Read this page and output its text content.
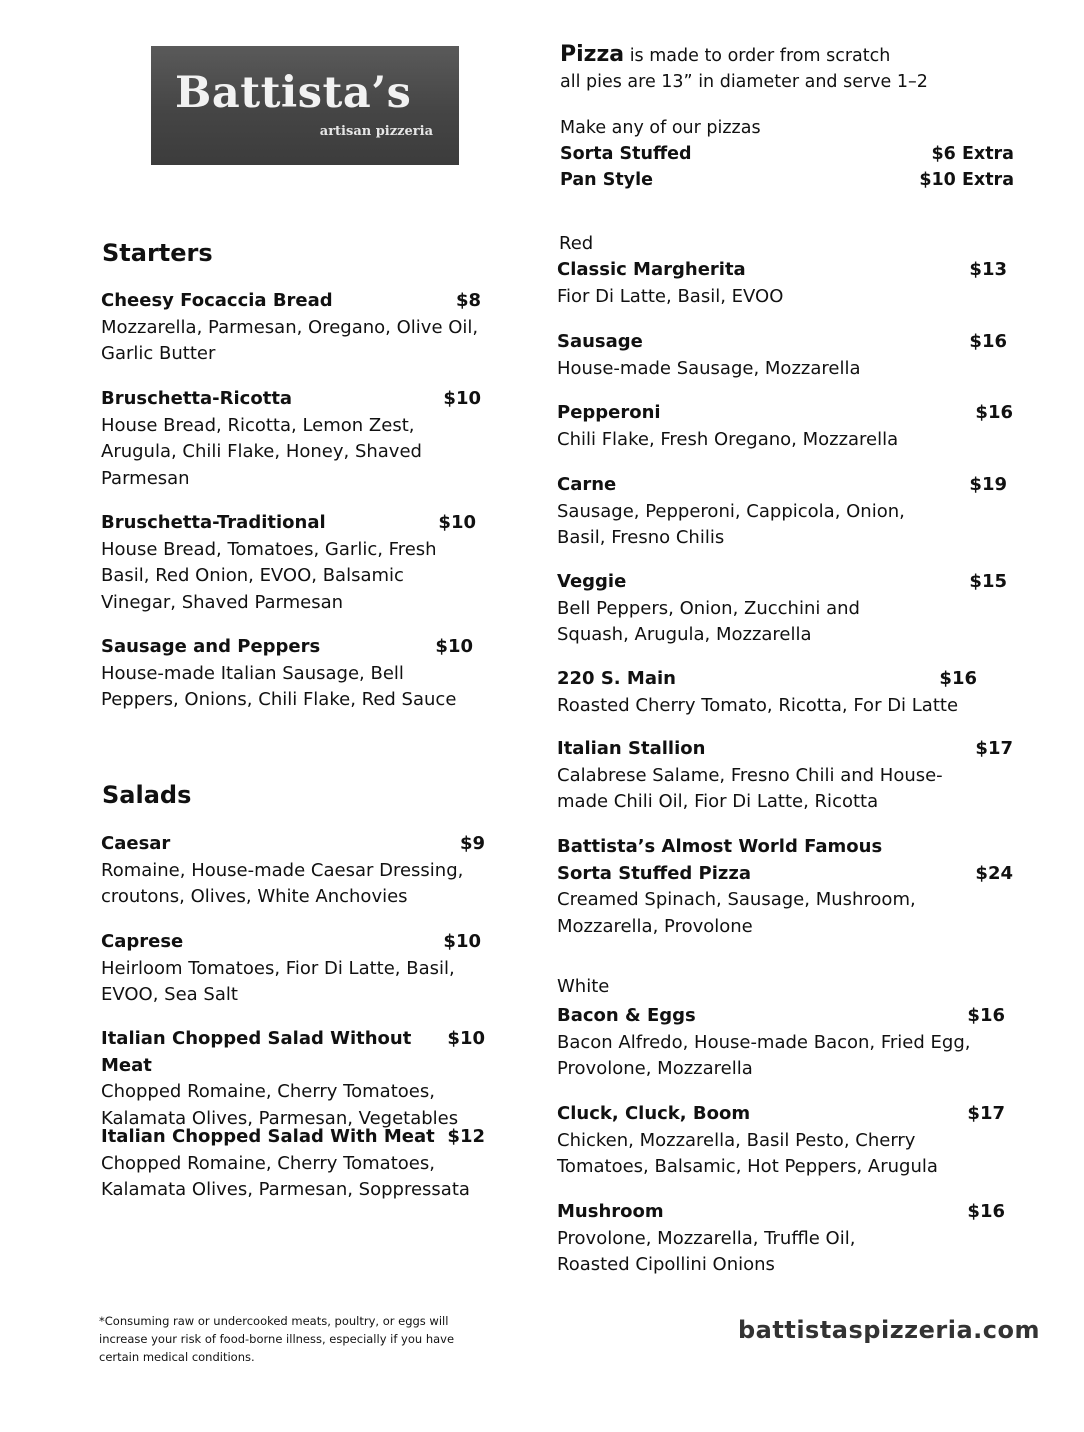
Battista’s
artisan pizzeria
Pizza is made to order from scratch
all pies are 13” in diameter and serve 1–2
Make any of our pizzas
Sorta Stuffed	$6 Extra
Pan Style	$10 Extra
Starters
Cheesy Focaccia Bread	$8
Mozzarella, Parmesan, Oregano, Olive Oil, Garlic Butter
Bruschetta-Ricotta	$10
House Bread, Ricotta, Lemon Zest, Arugula, Chili Flake, Honey, Shaved Parmesan
Bruschetta-Traditional	$10
House Bread, Tomatoes, Garlic, Fresh Basil, Red Onion, EVOO, Balsamic Vinegar, Shaved Parmesan
Sausage and Peppers	$10
House-made Italian Sausage, Bell Peppers, Onions, Chili Flake, Red Sauce
Salads
Caesar	$9
Romaine, House-made Caesar Dressing, croutons, Olives, White Anchovies
Caprese	$10
Heirloom Tomatoes, Fior Di Latte, Basil, EVOO, Sea Salt
Italian Chopped Salad Without Meat
$10
Chopped Romaine, Cherry Tomatoes, Kalamata Olives, Parmesan, Vegetables
Italian Chopped Salad With Meat $12
Chopped Romaine, Cherry Tomatoes, Kalamata Olives, Parmesan, Soppressata
Red
Classic Margherita	$13
Fior Di Latte, Basil, EVOO
Sausage	$16
House-made Sausage, Mozzarella
Pepperoni	$16
Chili Flake, Fresh Oregano, Mozzarella
Carne	$19
Sausage, Pepperoni, Cappicola, Onion, Basil, Fresno Chilis
Veggie	$15
Bell Peppers, Onion, Zucchini and Squash, Arugula, Mozzarella
220 S. Main	$16
Roasted Cherry Tomato, Ricotta, For Di Latte
Italian Stallion	$17
Calabrese Salame, Fresno Chili and House-made Chili Oil, Fior Di Latte, Ricotta
Battista’s Almost World Famous
Sorta Stuffed Pizza	$24
Creamed Spinach, Sausage, Mushroom, Mozzarella, Provolone
White
Bacon & Eggs	$16
Bacon Alfredo, House-made Bacon, Fried Egg, Provolone, Mozzarella
Cluck, Cluck, Boom	$17
Chicken, Mozzarella, Basil Pesto, Cherry Tomatoes, Balsamic, Hot Peppers, Arugula
Mushroom	$16
Provolone, Mozzarella, Truffle Oil, Roasted Cipollini Onions
*Consuming raw or undercooked meats, poultry, or eggs will increase your risk of food-borne illness, especially if you have certain medical conditions.
battistaspizzeria.com
